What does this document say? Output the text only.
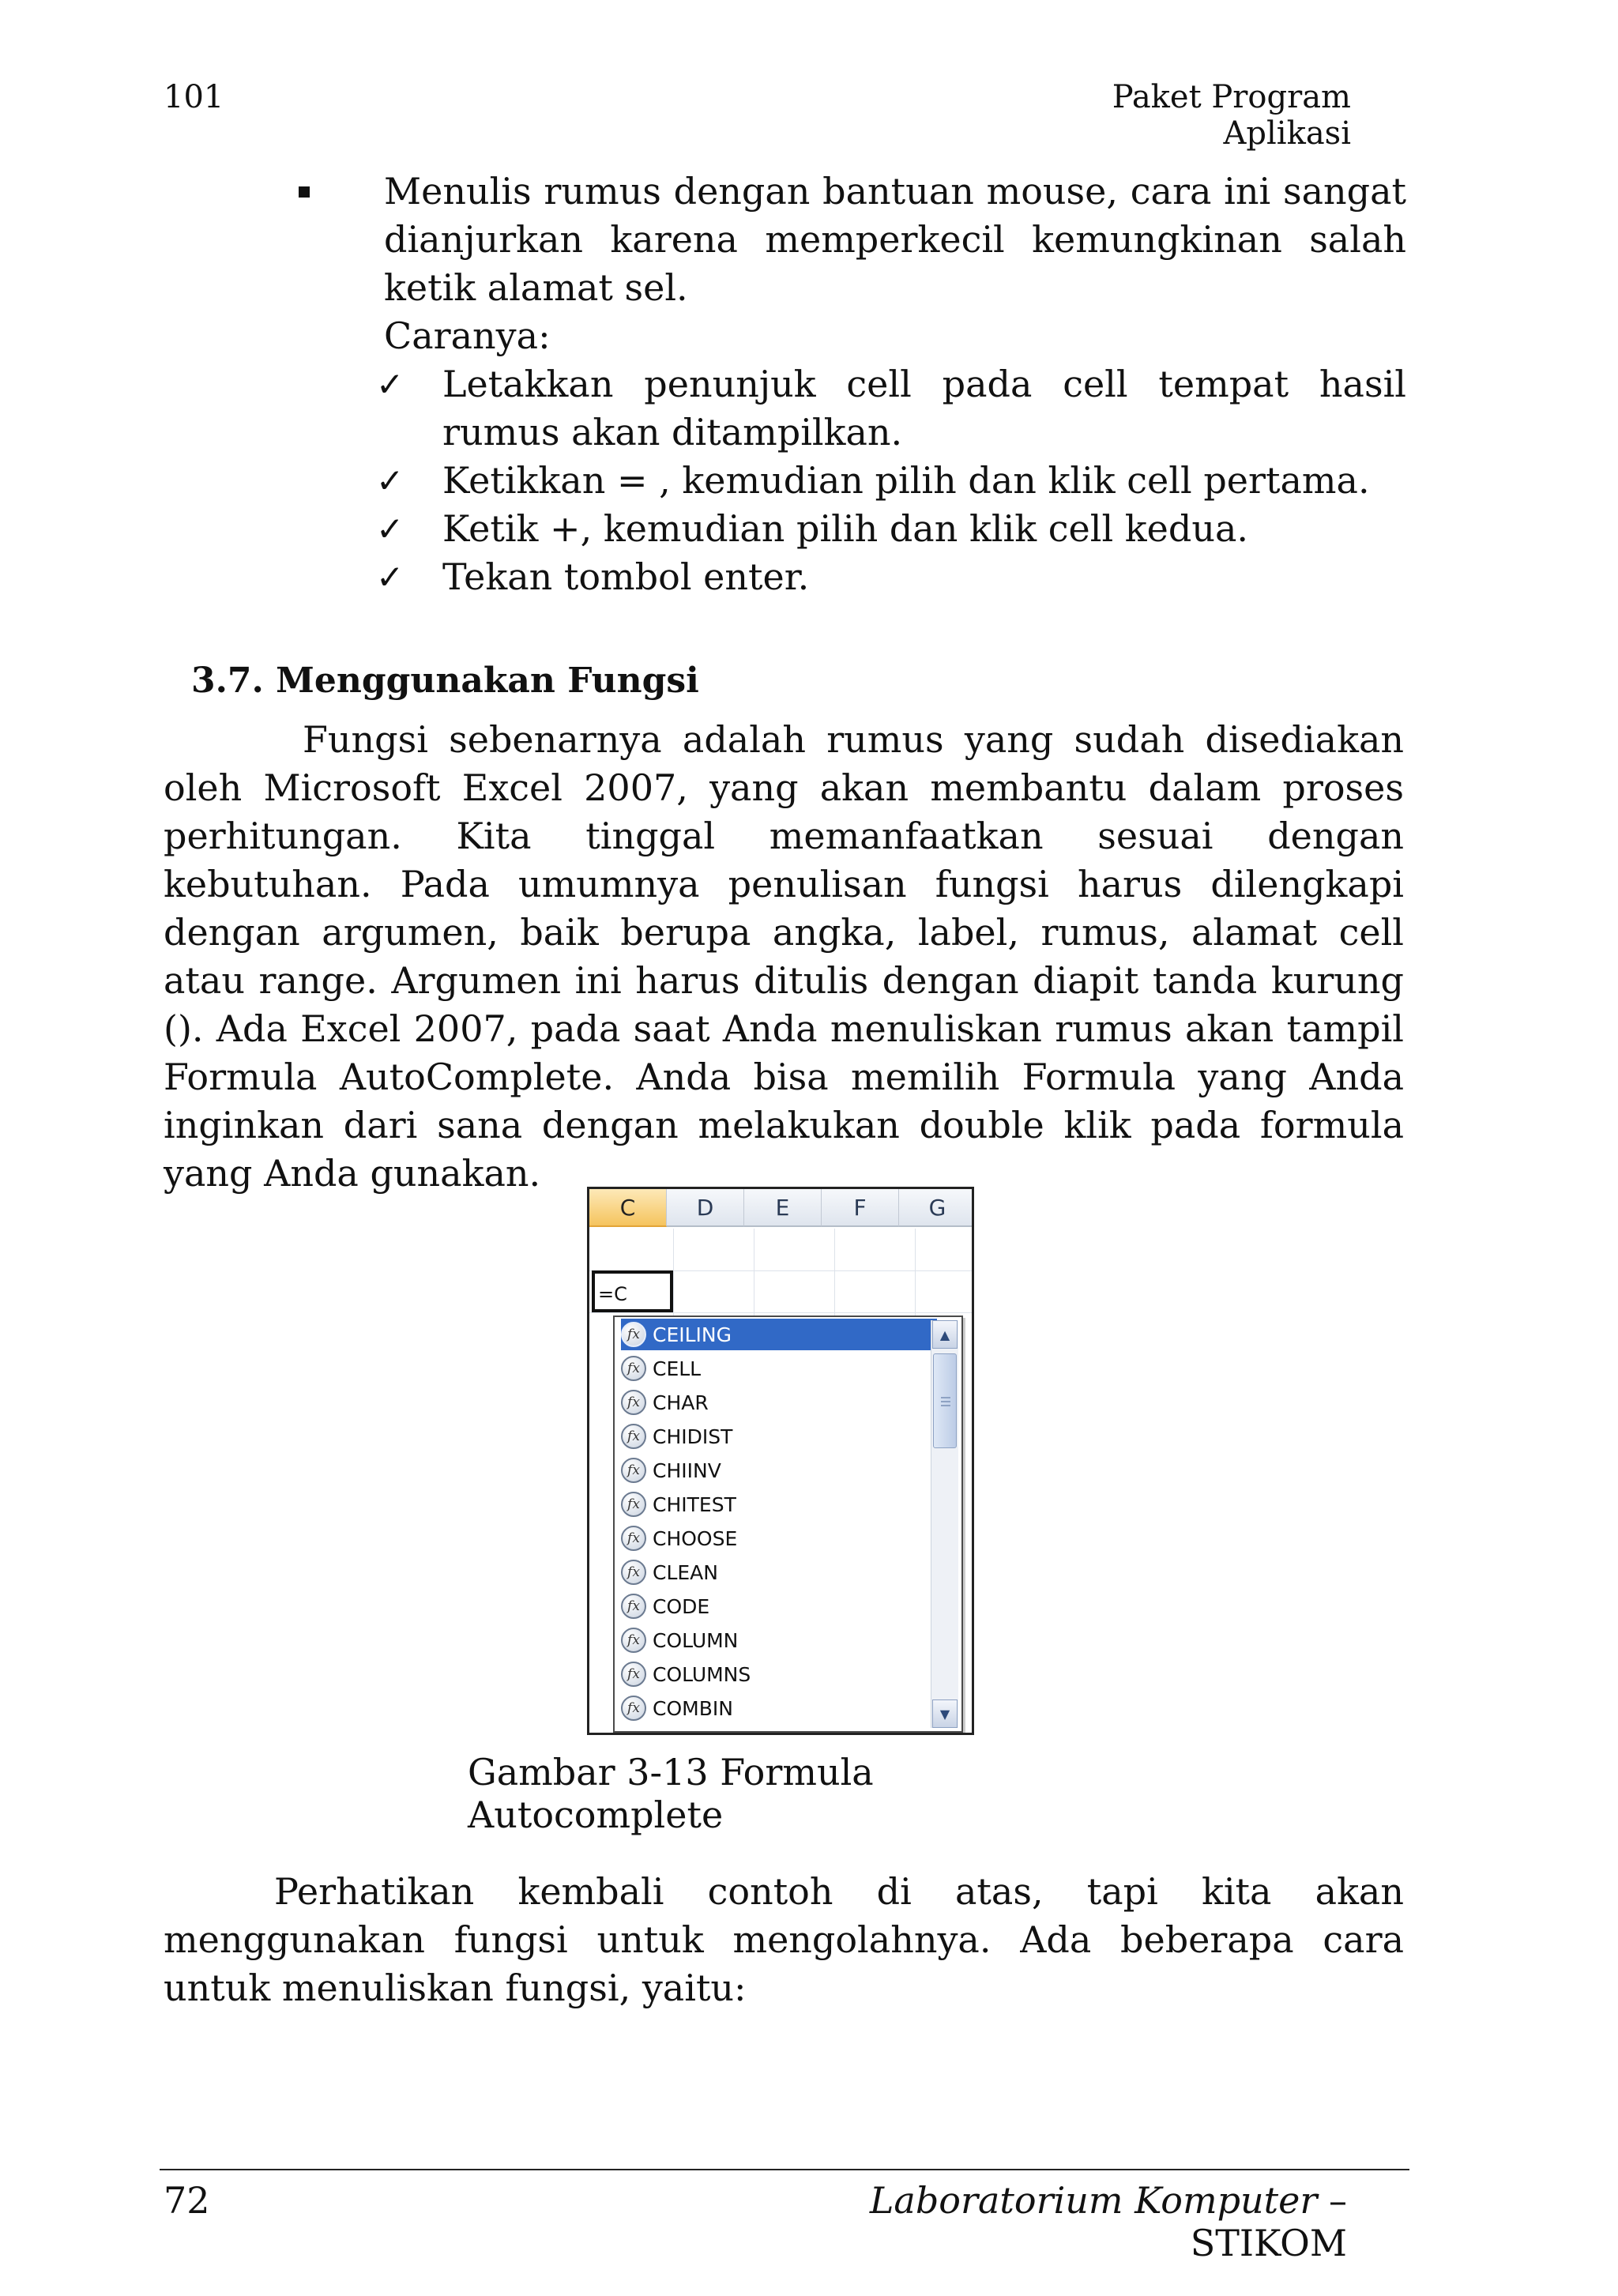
101	Paket Program Aplikasi
Menulis rumus dengan bantuan mouse, cara ini sangat dianjurkan karena memperkecil kemungkinan salah ketik alamat sel.
Caranya:
✓ Letakkan penunjuk cell pada cell tempat hasil rumus akan ditampilkan.
✓ Ketikkan = , kemudian pilih dan klik cell pertama.
✓ Ketik +, kemudian pilih dan klik cell kedua.
✓ Tekan tombol enter.
3.7. Menggunakan Fungsi
Fungsi sebenarnya adalah rumus yang sudah disediakan oleh Microsoft Excel 2007, yang akan membantu dalam proses perhitungan. Kita tinggal memanfaatkan sesuai dengan kebutuhan. Pada umumnya penulisan fungsi harus dilengkapi dengan argumen, baik berupa angka, label, rumus, alamat cell atau range. Argumen ini harus ditulis dengan diapit tanda kurung (). Ada Excel 2007, pada saat Anda menuliskan rumus akan tampil Formula AutoComplete. Anda bisa memilih Formula yang Anda inginkan dari sana dengan melakukan double klik pada formula yang Anda gunakan.
C	D	E	F	G
=C
fx CEILING
fx CELL
fx CHAR
fx CHIDIST
fx CHIINV
fx CHITEST
fx CHOOSE
fx CLEAN
fx CODE
fx COLUMN
fx COLUMNS
fx COMBIN
▲
▼
Gambar 3-13 Formula Autocomplete
Perhatikan kembali contoh di atas, tapi kita akan menggunakan fungsi untuk mengolahnya. Ada beberapa cara untuk menuliskan fungsi, yaitu:
72	Laboratorium Komputer – STIKOM
